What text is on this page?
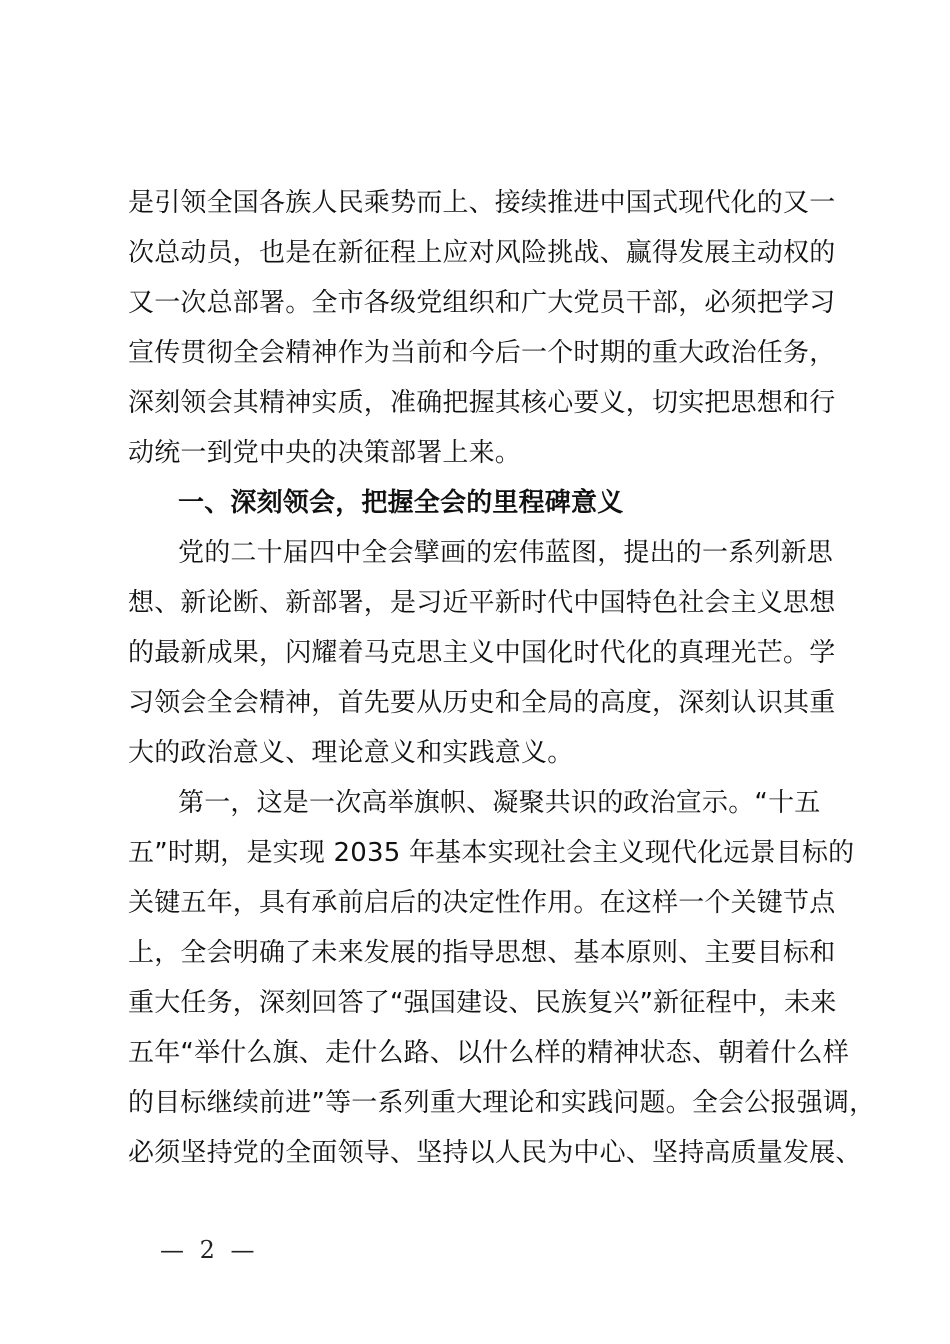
是引领全国各族人民乘势而上、接续推进中国式现代化的又一
次总动员，也是在新征程上应对风险挑战、赢得发展主动权的
又一次总部署。全市各级党组织和广大党员干部，必须把学习
宣传贯彻全会精神作为当前和今后一个时期的重大政治任务，
深刻领会其精神实质，准确把握其核心要义，切实把思想和行
动统一到党中央的决策部署上来。
一、深刻领会，把握全会的里程碑意义
党的二十届四中全会擘画的宏伟蓝图，提出的一系列新思
想、新论断、新部署，是习近平新时代中国特色社会主义思想
的最新成果，闪耀着马克思主义中国化时代化的真理光芒。学
习领会全会精神，首先要从历史和全局的高度，深刻认识其重
大的政治意义、理论意义和实践意义。
第一，这是一次高举旗帜、凝聚共识的政治宣示。“十五
五”时期，是实现 2035 年基本实现社会主义现代化远景目标的
关键五年，具有承前启后的决定性作用。在这样一个关键节点
上，全会明确了未来发展的指导思想、基本原则、主要目标和
重大任务，深刻回答了“强国建设、民族复兴”新征程中，未来
五年“举什么旗、走什么路、以什么样的精神状态、朝着什么样
的目标继续前进”等一系列重大理论和实践问题。全会公报强调，
必须坚持党的全面领导、坚持以人民为中心、坚持高质量发展、
— 2 —
